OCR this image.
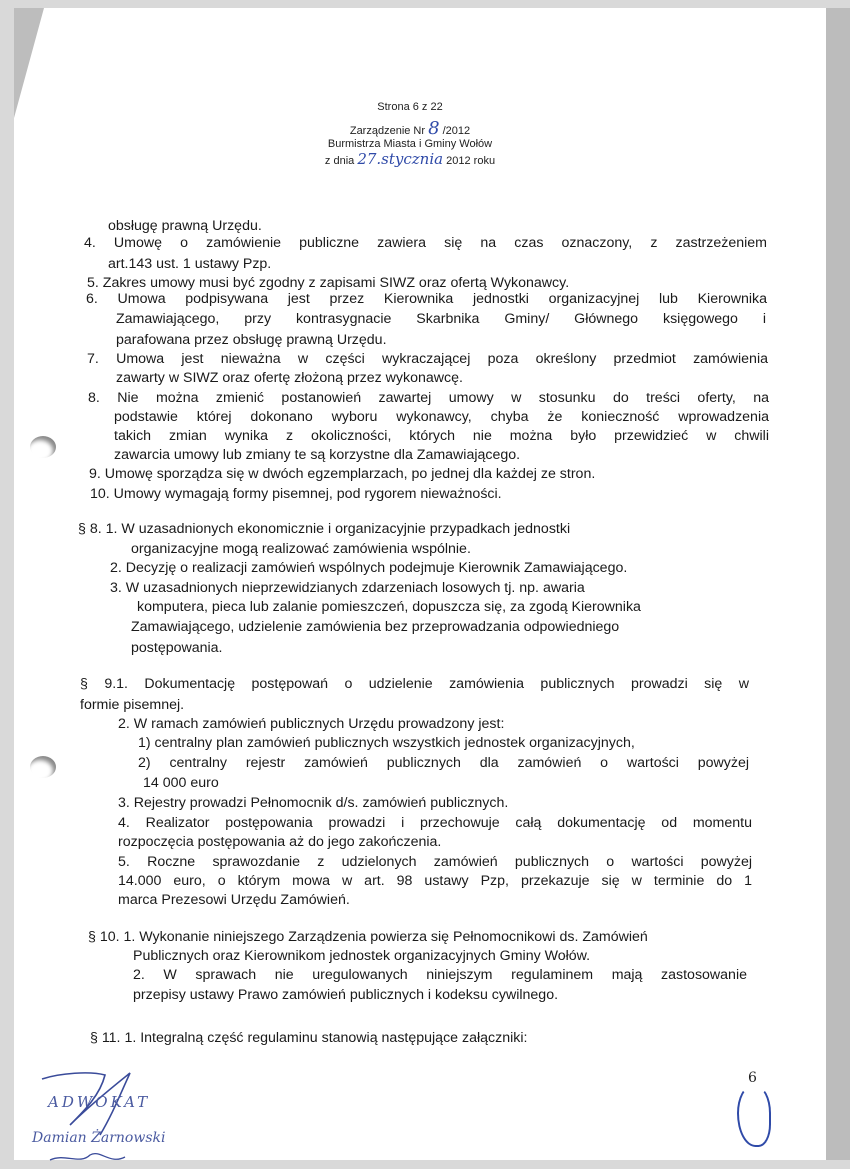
Strona 6 z 22
Zarządzenie Nr 8 /2012
Burmistrza Miasta i Gminy Wołów
z dnia 27.stycznia 2012 roku
obsługę prawną Urzędu.
4. Umowę o zamówienie publiczne zawiera się na czas oznaczony, z zastrzeżeniem
art.143 ust. 1 ustawy Pzp.
5. Zakres umowy musi być zgodny z zapisami SIWZ oraz ofertą Wykonawcy.
6. Umowa podpisywana jest przez Kierownika jednostki organizacyjnej lub Kierownika
Zamawiającego, przy kontrasygnacie Skarbnika Gminy/ Głównego księgowego i
parafowana przez obsługę prawną Urzędu.
7. Umowa jest nieważna w części wykraczającej poza określony przedmiot zamówienia
zawarty w SIWZ oraz ofertę złożoną przez wykonawcę.
8. Nie można zmienić postanowień zawartej umowy w stosunku do treści oferty, na
podstawie której dokonano wyboru wykonawcy, chyba że konieczność wprowadzenia
takich zmian wynika z okoliczności, których nie można było przewidzieć w chwili
zawarcia umowy lub zmiany te są korzystne dla Zamawiającego.
9. Umowę sporządza się w dwóch egzemplarzach, po jednej dla każdej ze stron.
10. Umowy wymagają formy pisemnej, pod rygorem nieważności.
§ 8. 1. W uzasadnionych ekonomicznie i organizacyjnie przypadkach jednostki
organizacyjne mogą realizować zamówienia wspólnie.
2. Decyzję o realizacji zamówień wspólnych podejmuje Kierownik Zamawiającego.
3. W uzasadnionych nieprzewidzianych zdarzeniach losowych tj. np. awaria
komputera, pieca lub zalanie pomieszczeń, dopuszcza się, za zgodą Kierownika
Zamawiającego, udzielenie zamówienia bez przeprowadzania odpowiedniego
postępowania.
§ 9.1. Dokumentację postępowań o udzielenie zamówienia publicznych prowadzi się w
formie pisemnej.
2. W ramach zamówień publicznych Urzędu prowadzony jest:
1) centralny plan zamówień publicznych wszystkich jednostek organizacyjnych,
2) centralny rejestr zamówień publicznych dla zamówień o wartości powyżej
14 000 euro
3. Rejestry prowadzi Pełnomocnik d/s. zamówień publicznych.
4. Realizator postępowania prowadzi i przechowuje całą dokumentację od momentu
rozpoczęcia postępowania aż do jego zakończenia.
5. Roczne sprawozdanie z udzielonych zamówień publicznych o wartości powyżej
14.000 euro, o którym mowa w art. 98 ustawy Pzp, przekazuje się w terminie do 1
marca Prezesowi Urzędu Zamówień.
§ 10. 1. Wykonanie niniejszego Zarządzenia powierza się Pełnomocnikowi ds. Zamówień
Publicznych oraz Kierownikom jednostek organizacyjnych Gminy Wołów.
2. W sprawach nie uregulowanych niniejszym regulaminem mają zastosowanie
przepisy ustawy Prawo zamówień publicznych i kodeksu cywilnego.
§ 11. 1. Integralną część regulaminu stanowią następujące załączniki:
ADWOKAT
Damian Żarnowski
6
